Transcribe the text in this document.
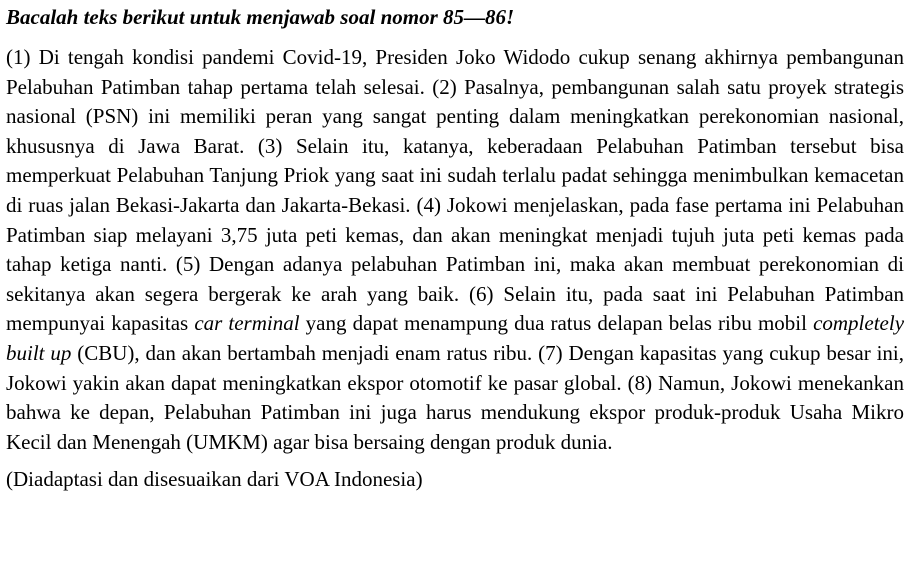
Bacalah teks berikut untuk menjawab soal nomor 85—86!

(1) Di tengah kondisi pandemi Covid-19, Presiden Joko Widodo cukup senang akhirnya pembangunan Pelabuhan Patimban tahap pertama telah selesai. (2) Pasalnya, pembangunan salah satu proyek strategis nasional (PSN) ini memiliki peran yang sangat penting dalam meningkatkan perekonomian nasional, khususnya di Jawa Barat. (3) Selain itu, katanya, keberadaan Pelabuhan Patimban tersebut bisa memperkuat Pelabuhan Tanjung Priok yang saat ini sudah terlalu padat sehingga menimbulkan kemacetan di ruas jalan Bekasi-Jakarta dan Jakarta-Bekasi. (4) Jokowi menjelaskan, pada fase pertama ini Pelabuhan Patimban siap melayani 3,75 juta peti kemas, dan akan meningkat menjadi tujuh juta peti kemas pada tahap ketiga nanti. (5) Dengan adanya pelabuhan Patimban ini, maka akan membuat perekonomian di sekitanya akan segera bergerak ke arah yang baik. (6) Selain itu, pada saat ini Pelabuhan Patimban mempunyai kapasitas car terminal yang dapat menampung dua ratus delapan belas ribu mobil completely built up (CBU), dan akan bertambah menjadi enam ratus ribu. (7) Dengan kapasitas yang cukup besar ini, Jokowi yakin akan dapat meningkatkan ekspor otomotif ke pasar global. (8) Namun, Jokowi menekankan bahwa ke depan, Pelabuhan Patimban ini juga harus mendukung ekspor produk-produk Usaha Mikro Kecil dan Menengah (UMKM) agar bisa bersaing dengan produk dunia.

(Diadaptasi dan disesuaikan dari VOA Indonesia)
